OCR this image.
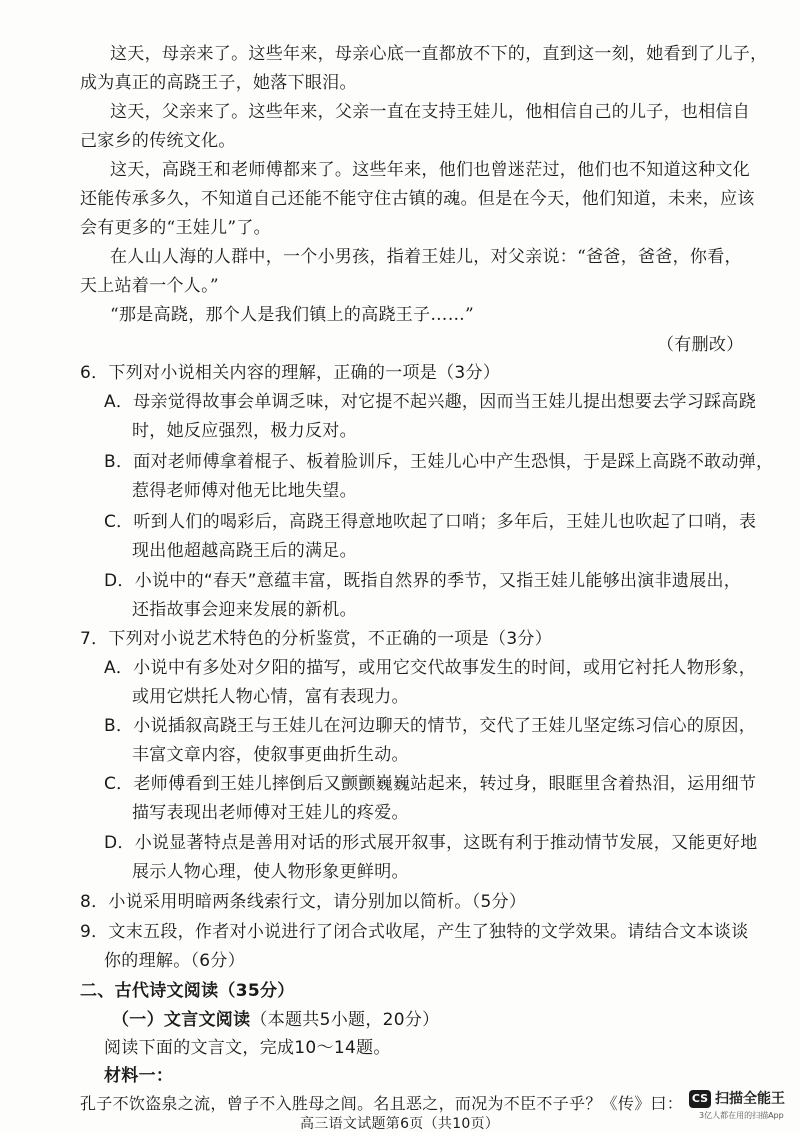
这天，母亲来了。这些年来，母亲心底一直都放不下的，直到这一刻，她看到了儿子，
成为真正的高跷王子，她落下眼泪。
这天，父亲来了。这些年来，父亲一直在支持王娃儿，他相信自己的儿子，也相信自
己家乡的传统文化。
这天，高跷王和老师傅都来了。这些年来，他们也曾迷茫过，他们也不知道这种文化
还能传承多久，不知道自己还能不能守住古镇的魂。但是在今天，他们知道，未来，应该
会有更多的“王娃儿”了。
在人山人海的人群中，一个小男孩，指着王娃儿，对父亲说：“爸爸，爸爸，你看，
天上站着一个人。”
“那是高跷，那个人是我们镇上的高跷王子……”
（有删改）
6．下列对小说相关内容的理解，正确的一项是（3分）
A．母亲觉得故事会单调乏味，对它提不起兴趣，因而当王娃儿提出想要去学习踩高跷
时，她反应强烈，极力反对。
B．面对老师傅拿着棍子、板着脸训斥，王娃儿心中产生恐惧，于是踩上高跷不敢动弹，
惹得老师傅对他无比地失望。
C．听到人们的喝彩后，高跷王得意地吹起了口哨；多年后，王娃儿也吹起了口哨，表
现出他超越高跷王后的满足。
D．小说中的“春天”意蕴丰富，既指自然界的季节，又指王娃儿能够出演非遗展出，
还指故事会迎来发展的新机。
7．下列对小说艺术特色的分析鉴赏，不正确的一项是（3分）
A．小说中有多处对夕阳的描写，或用它交代故事发生的时间，或用它衬托人物形象，
或用它烘托人物心情，富有表现力。
B．小说插叙高跷王与王娃儿在河边聊天的情节，交代了王娃儿坚定练习信心的原因，
丰富文章内容，使叙事更曲折生动。
C．老师傅看到王娃儿摔倒后又颤颤巍巍站起来，转过身，眼眶里含着热泪，运用细节
描写表现出老师傅对王娃儿的疼爱。
D．小说显著特点是善用对话的形式展开叙事，这既有利于推动情节发展，又能更好地
展示人物心理，使人物形象更鲜明。
8．小说采用明暗两条线索行文，请分别加以简析。（5分）
9．文末五段，作者对小说进行了闭合式收尾，产生了独特的文学效果。请结合文本谈谈
你的理解。（6分）
二、古代诗文阅读（35分）
（一）文言文阅读（本题共5小题，20分）
阅读下面的文言文，完成10～14题。
材料一：
孔子不饮盗泉之流，曾子不入胜母之闾。名且恶之，而况为不臣不子乎？《传》曰：
高三语文试题第6页（共10页）
CS 扫描全能王
3亿人都在用的扫描App
